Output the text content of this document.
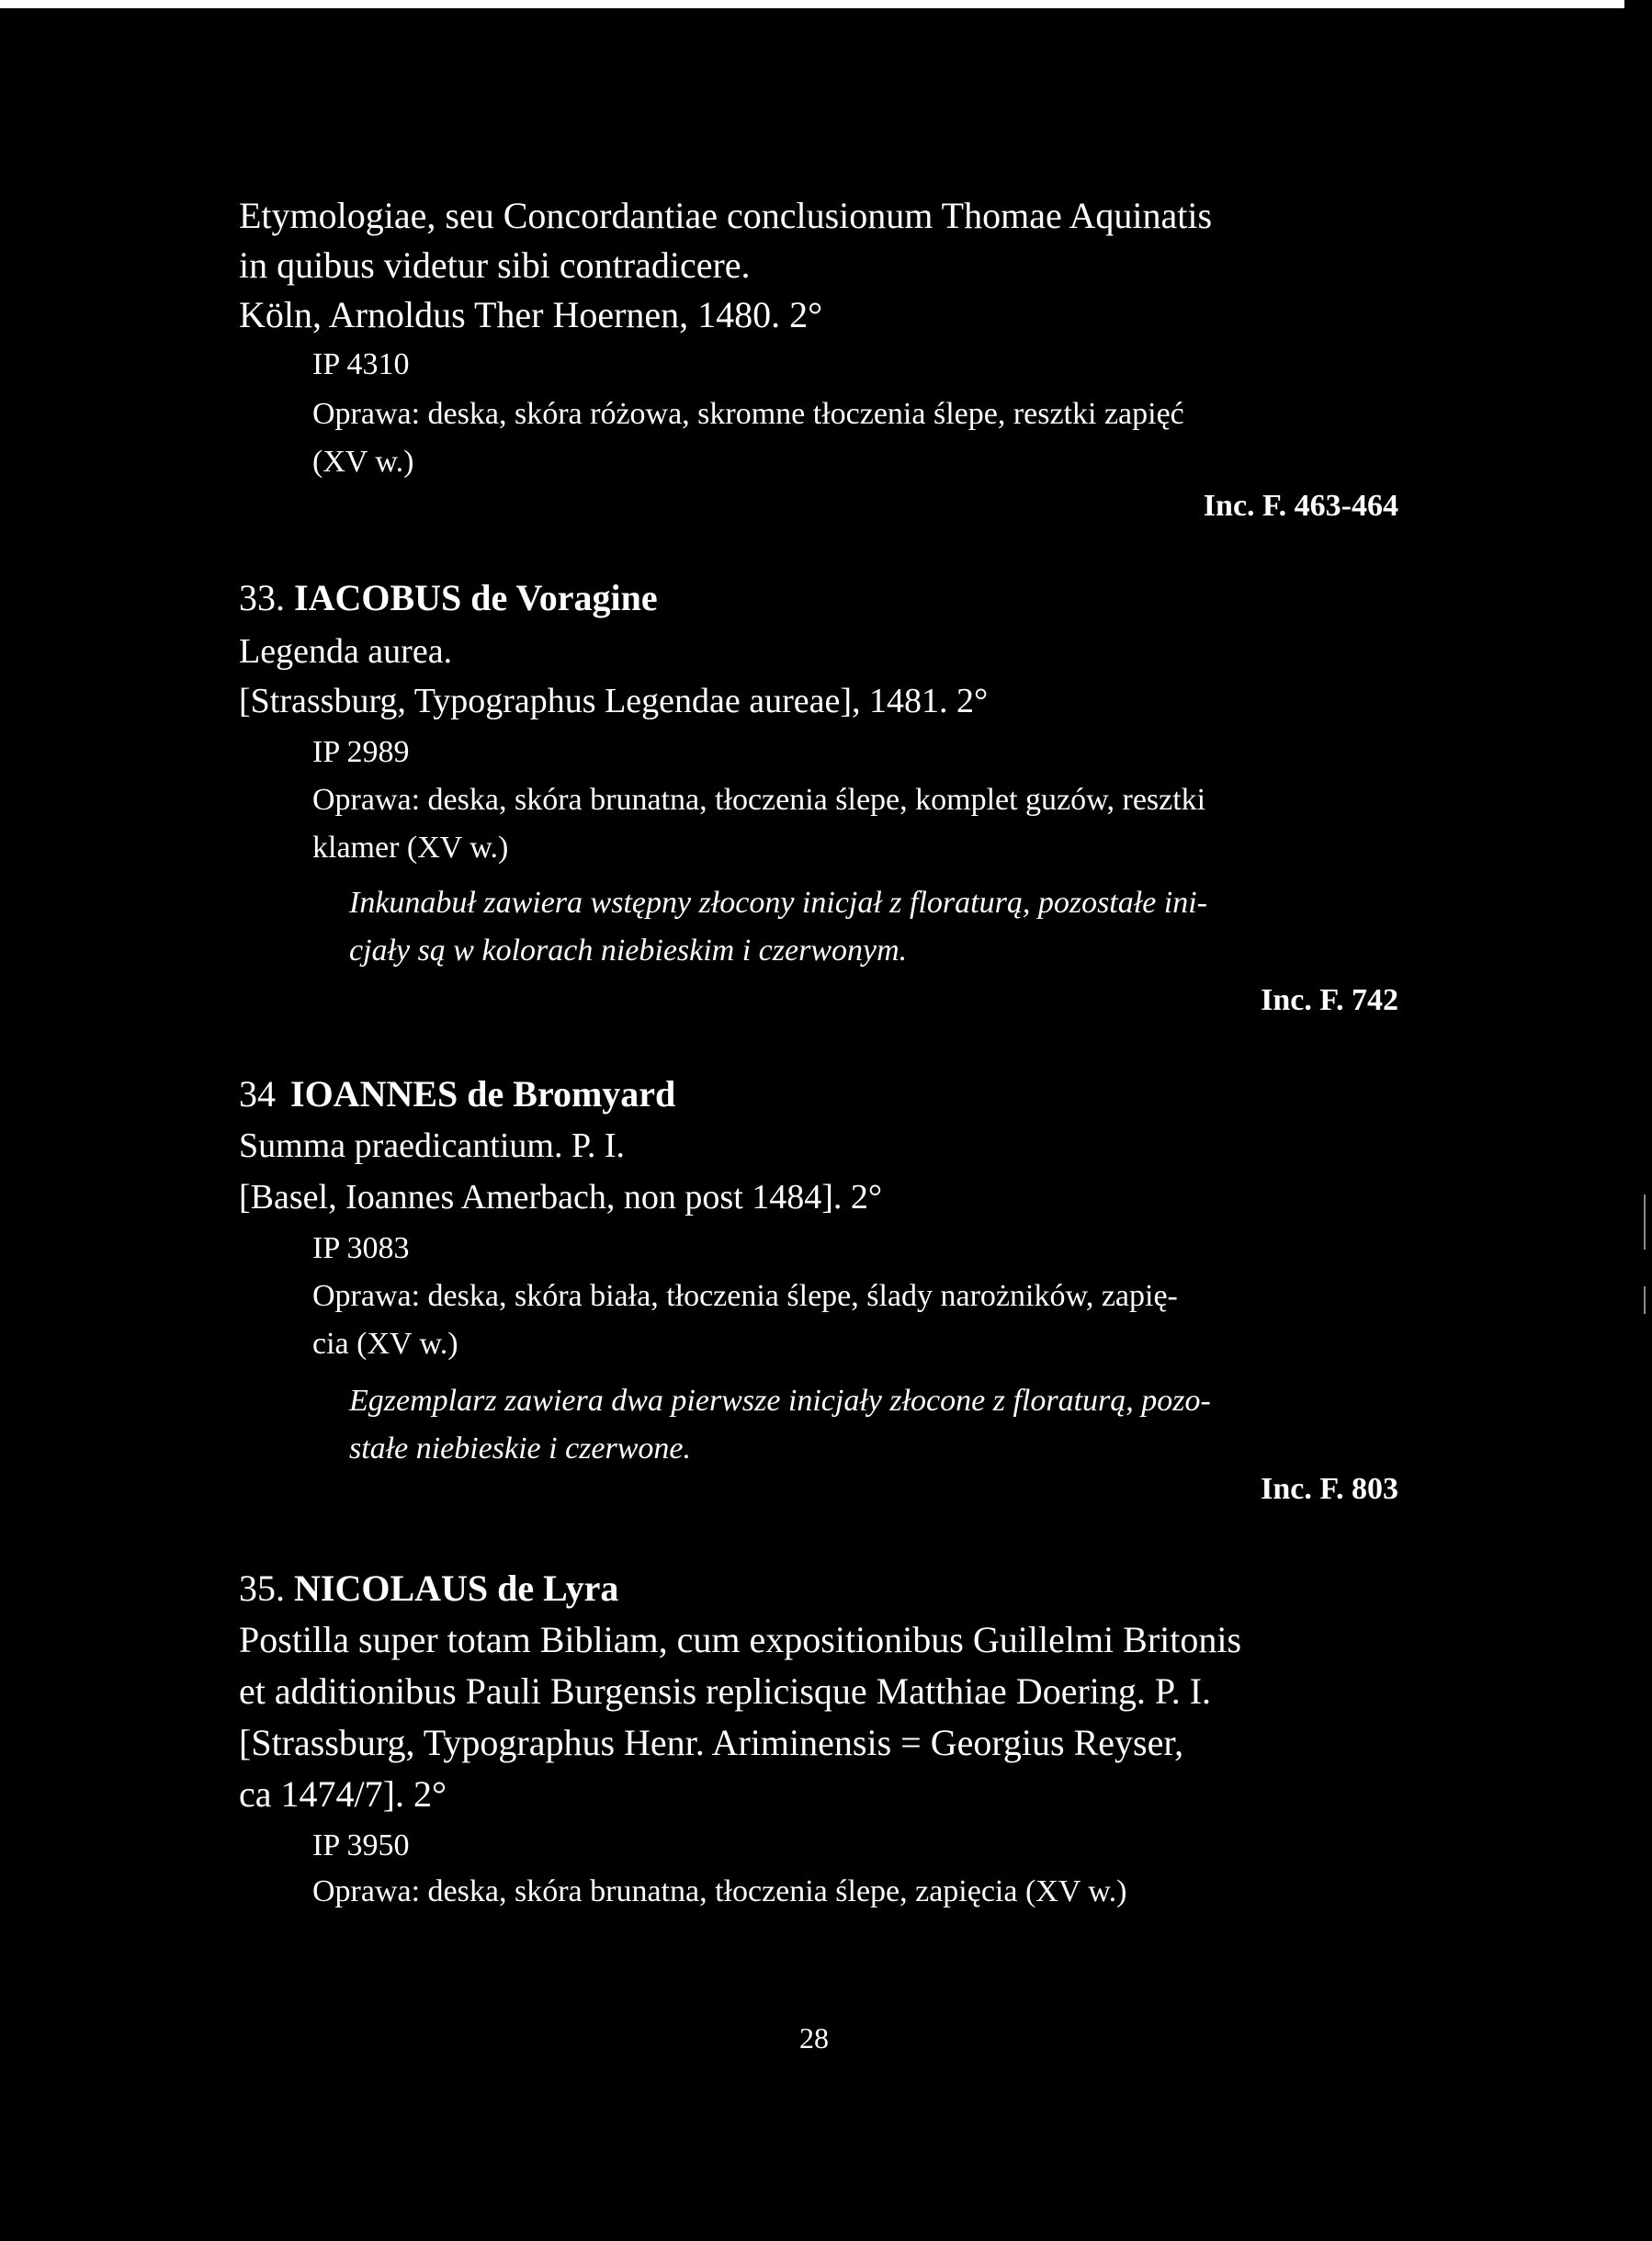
Etymologiae, seu Concordantiae conclusionum Thomae Aquinatis
in quibus videtur sibi contradicere.
Köln, Arnoldus Ther Hoernen, 1480. 2°
IP 4310
Oprawa: deska, skóra różowa, skromne tłoczenia ślepe, resztki zapięć
(XV w.)
Inc. F. 463-464
33. IACOBUS de Voragine
Legenda aurea.
[Strassburg, Typographus Legendae aureae], 1481. 2°
IP 2989
Oprawa: deska, skóra brunatna, tłoczenia ślepe, komplet guzów, resztki
klamer (XV w.)
Inkunabuł zawiera wstępny złocony inicjał z floraturą, pozostałe ini-
cjały są w kolorach niebieskim i czerwonym.
Inc. F. 742
34 IOANNES de Bromyard
Summa praedicantium. P. I.
[Basel, Ioannes Amerbach, non post 1484]. 2°
IP 3083
Oprawa: deska, skóra biała, tłoczenia ślepe, ślady narożników, zapię-
cia (XV w.)
Egzemplarz zawiera dwa pierwsze inicjały złocone z floraturą, pozo-
stałe niebieskie i czerwone.
Inc. F. 803
35. NICOLAUS de Lyra
Postilla super totam Bibliam, cum expositionibus Guillelmi Britonis
et additionibus Pauli Burgensis replicisque Matthiae Doering. P. I.
[Strassburg, Typographus Henr. Ariminensis = Georgius Reyser,
ca 1474/7]. 2°
IP 3950
Oprawa: deska, skóra brunatna, tłoczenia ślepe, zapięcia (XV w.)
28
